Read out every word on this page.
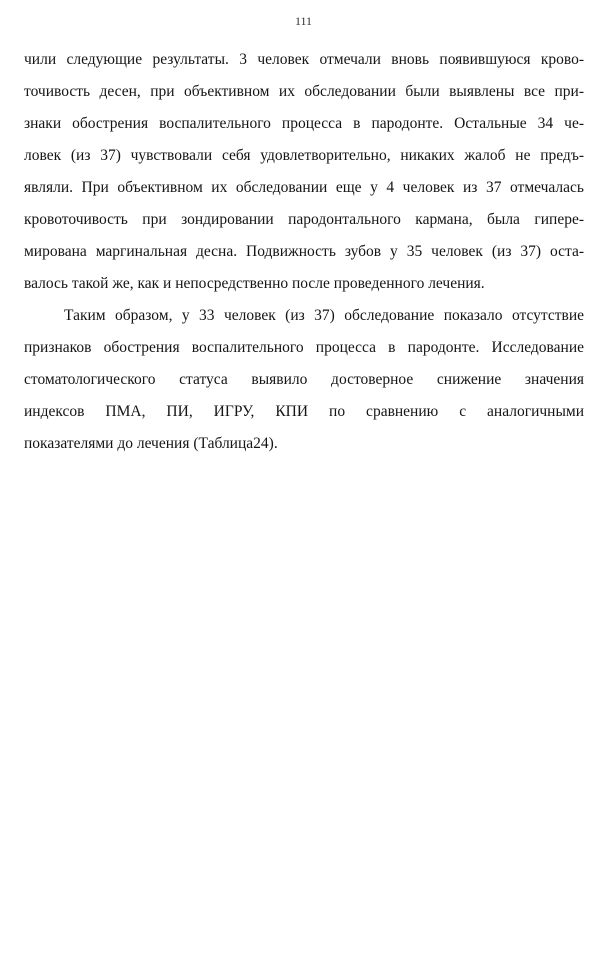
111
чили следующие результаты. 3 человек отмечали вновь появившуюся крово-
точивость десен, при объективном их обследовании были выявлены все при-
знаки обострения воспалительного процесса в пародонте. Остальные 34 че-
ловек (из 37) чувствовали себя удовлетворительно, никаких жалоб не предъ-
являли. При объективном их обследовании еще у 4 человек из 37 отмечалась
кровоточивость при зондировании пародонтального кармана, была гипере-
мирована маргинальная десна. Подвижность зубов у 35 человек (из 37) оста-
валось такой же, как и непосредственно после проведенного лечения.
Таким образом, у 33 человек (из 37) обследование показало отсутствие
признаков обострения воспалительного процесса в пародонте. Исследование
стоматологического статуса выявило достоверное снижение значения
индексов ПМА, ПИ, ИГРУ, КПИ по сравнению с аналогичными
показателями до лечения (Таблица24).
